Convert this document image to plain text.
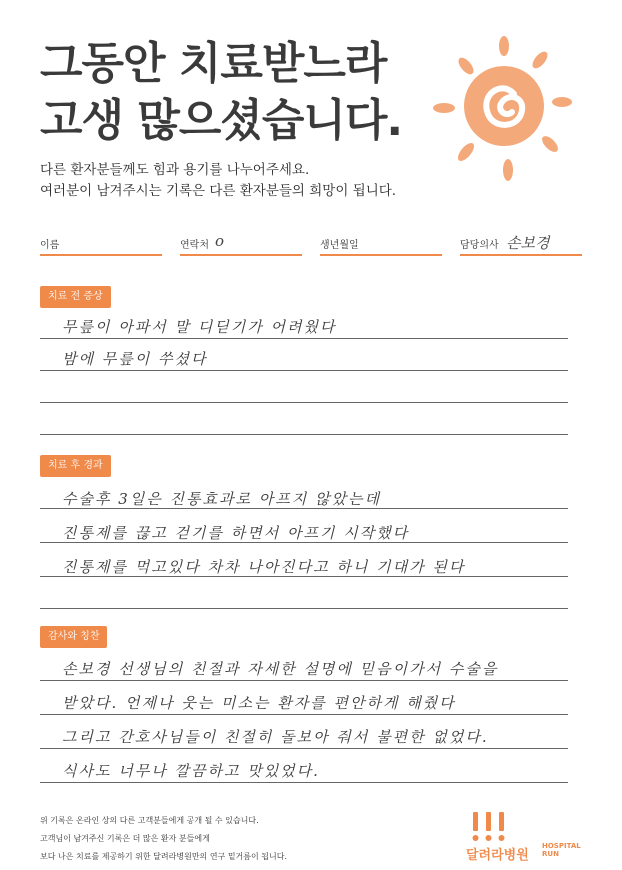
그동안 치료받느라
고생 많으셨습니다.
다른 환자분들께도 힘과 용기를 나누어주세요.
여러분이 남겨주시는 기록은 다른 환자분들의 희망이 됩니다.
이름	연락처 o	생년월일	담당의사 손보경
치료 전 증상
무릎이 아파서 말 디딛기가 어려웠다
밤에 무릎이 쑤셨다
치료 후 경과
수술후 3일은 진통효과로 아프지 않았는데
진통제를 끊고 걷기를 하면서 아프기 시작했다
진통제를 먹고있다 차차 나아진다고 하니 기대가 된다
감사와 칭찬
손보경 선생님의 친절과 자세한 설명에 믿음이가서 수술을
받았다. 언제나 웃는 미소는 환자를 편안하게 해줬다
그리고 간호사님들이 친절히 돌보아 줘서 불편한 없었다.
식사도 너무나 깔끔하고 맛있었다.
위 기록은 온라인 상의 다른 고객분들에게 공개 될 수 있습니다.
고객님이 남겨주신 기록은 더 많은 환자 분들에게
보다 나은 치료를 제공하기 위한 달려라병원만의 연구 밑거름이 됩니다.	달려라병원
HOSPITAL
RUN
